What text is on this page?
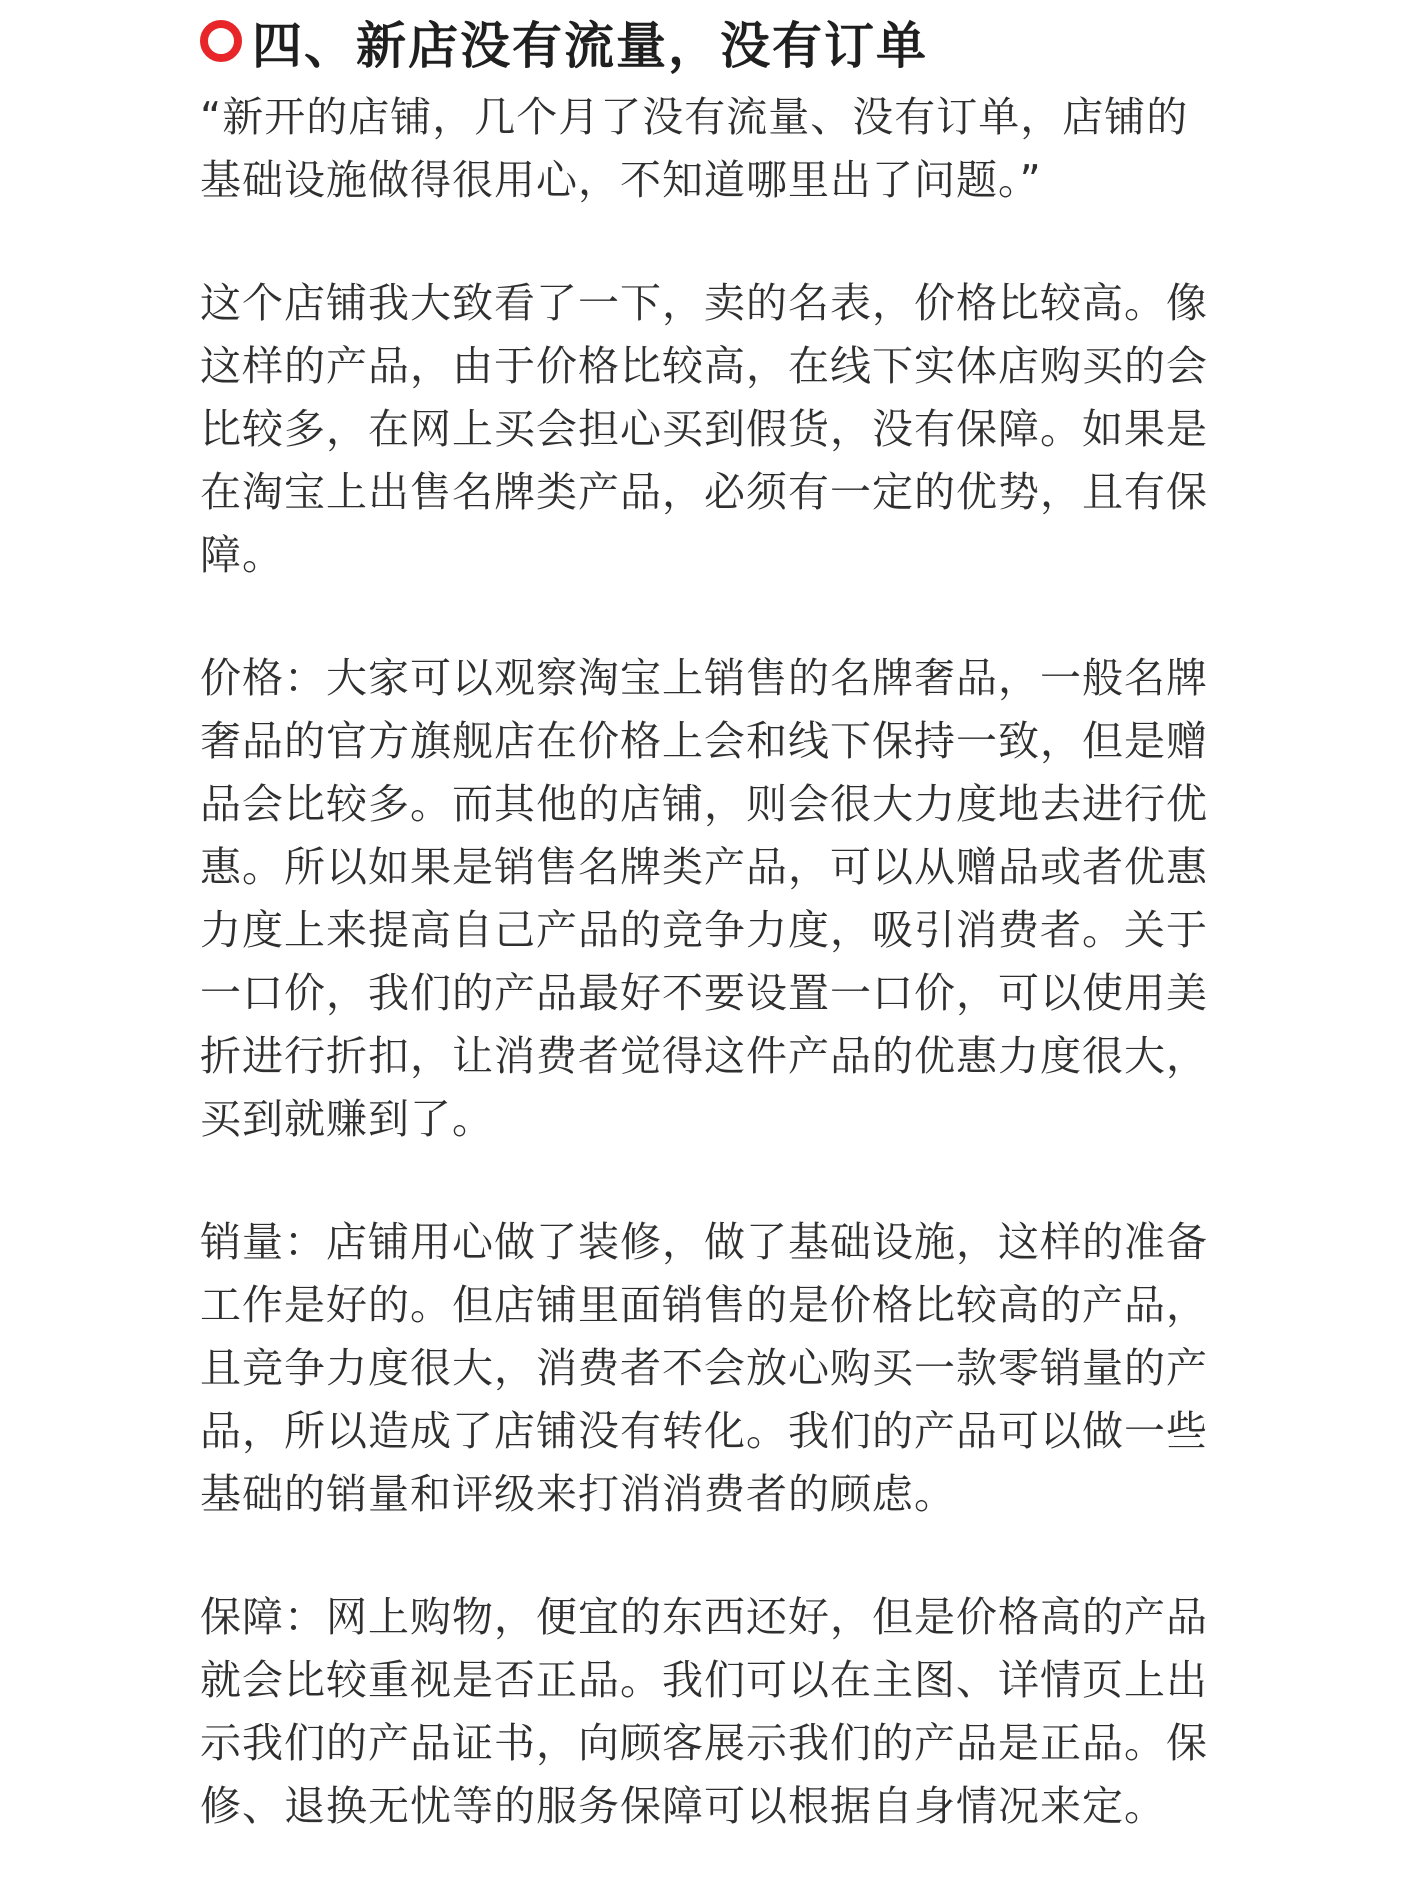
四、新店没有流量，没有订单

“新开的店铺，几个月了没有流量、没有订单，店铺的基础设施做得很用心，不知道哪里出了问题。”

这个店铺我大致看了一下，卖的名表，价格比较高。像这样的产品，由于价格比较高，在线下实体店购买的会比较多，在网上买会担心买到假货，没有保障。如果是在淘宝上出售名牌类产品，必须有一定的优势，且有保障。

价格：大家可以观察淘宝上销售的名牌奢品，一般名牌奢品的官方旗舰店在价格上会和线下保持一致，但是赠品会比较多。而其他的店铺，则会很大力度地去进行优惠。所以如果是销售名牌类产品，可以从赠品或者优惠力度上来提高自己产品的竞争力度，吸引消费者。关于一口价，我们的产品最好不要设置一口价，可以使用美折进行折扣，让消费者觉得这件产品的优惠力度很大，买到就赚到了。

销量：店铺用心做了装修，做了基础设施，这样的准备工作是好的。但店铺里面销售的是价格比较高的产品，且竞争力度很大，消费者不会放心购买一款零销量的产品，所以造成了店铺没有转化。我们的产品可以做一些基础的销量和评级来打消消费者的顾虑。

保障：网上购物，便宜的东西还好，但是价格高的产品就会比较重视是否正品。我们可以在主图、详情页上出示我们的产品证书，向顾客展示我们的产品是正品。保修、退换无忧等的服务保障可以根据自身情况来定。
